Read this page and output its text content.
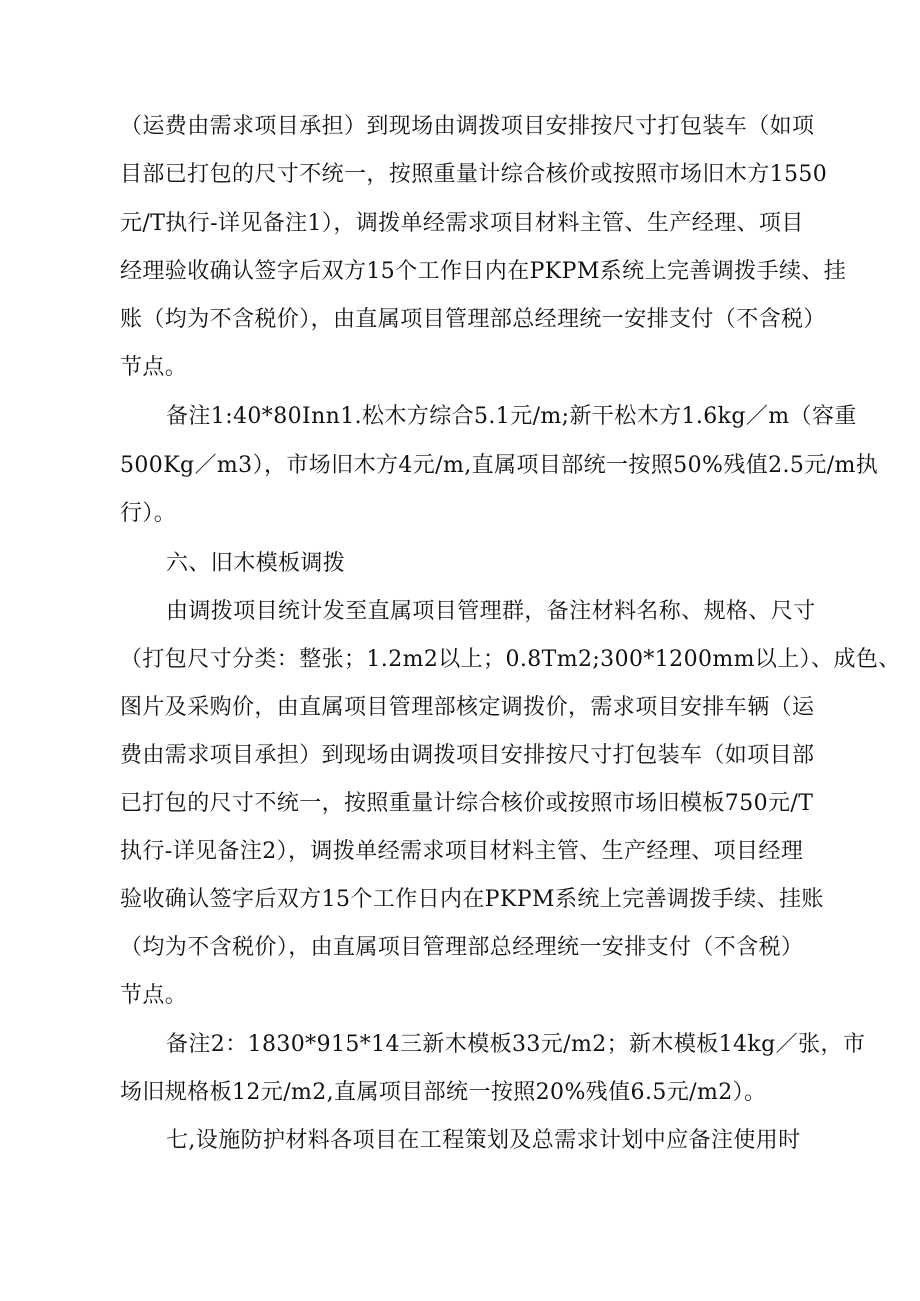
（运费由需求项目承担）到现场由调拨项目安排按尺寸打包装车（如项
目部已打包的尺寸不统一，按照重量计综合核价或按照市场旧木方1550
元/T执行-详见备注1），调拨单经需求项目材料主管、生产经理、项目
经理验收确认签字后双方15个工作日内在PKPM系统上完善调拨手续、挂
账（均为不含税价），由直属项目管理部总经理统一安排支付（不含税）
节点。
备注1:40*80Inn1.松木方综合5.1元/m;新干松木方1.6kg／m（容重
500Kg／m3），市场旧木方4元/m,直属项目部统一按照50%残值2.5元/m执
行）。
六、旧木模板调拨
由调拨项目统计发至直属项目管理群，备注材料名称、规格、尺寸
（打包尺寸分类：整张；1.2m2以上；0.8Tm2;300*1200mm以上）、成色、
图片及采购价，由直属项目管理部核定调拨价，需求项目安排车辆（运
费由需求项目承担）到现场由调拨项目安排按尺寸打包装车（如项目部
已打包的尺寸不统一，按照重量计综合核价或按照市场旧模板750元/T
执行-详见备注2），调拨单经需求项目材料主管、生产经理、项目经理
验收确认签字后双方15个工作日内在PKPM系统上完善调拨手续、挂账
（均为不含税价），由直属项目管理部总经理统一安排支付（不含税）
节点。
备注2：1830*915*14三新木模板33元/m2；新木模板14kg／张，市
场旧规格板12元/m2,直属项目部统一按照20%残值6.5元/m2）。
七,设施防护材料各项目在工程策划及总需求计划中应备注使用时
